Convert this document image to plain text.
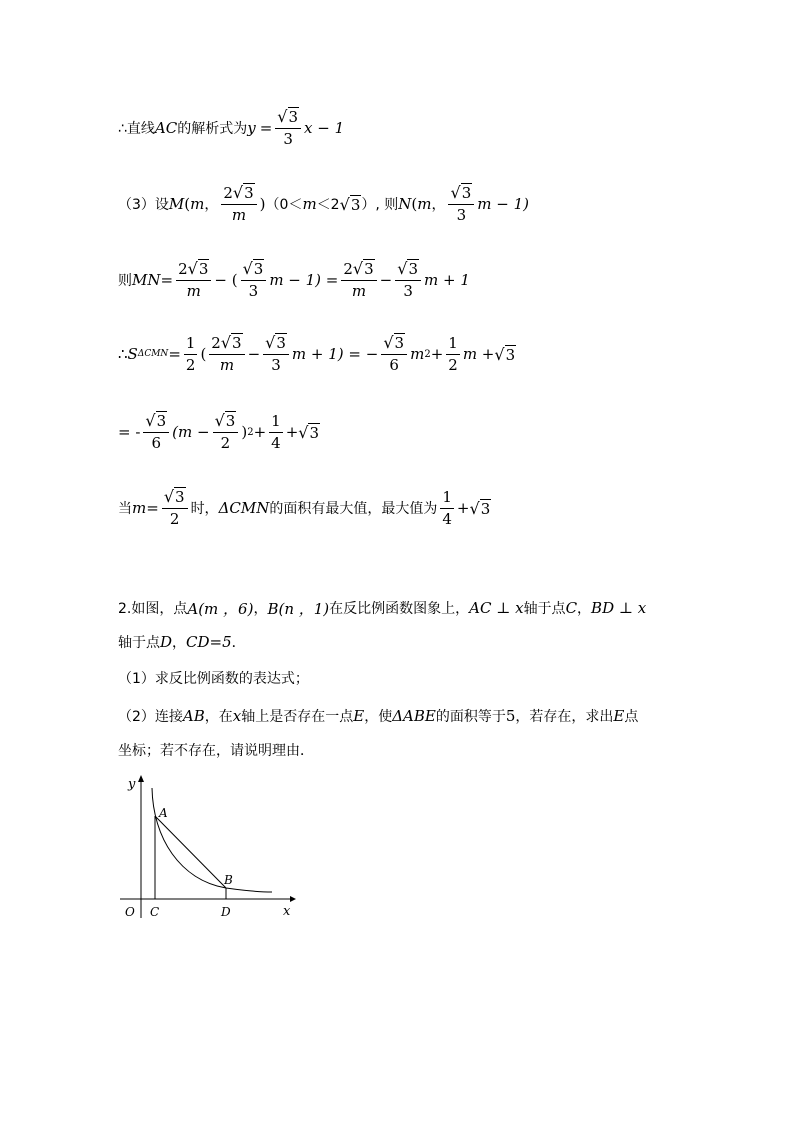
∴直线 AC 的解析式为 $y = \frac{√3}{3}$ x − 1
（3）设 M ( m ， $\frac{2√3}{m}$ ) （0＜ m ＜2 √3 ）, 则 N ( m ， $\frac{√3}{3}$ m − 1)
则 MN = $\frac{2√3}{m}$ − ( $\frac{√3}{3}$ $m - 1) = \frac{2√3}{m} - \frac{√3}{3}$ m + 1
∴ S $\Delta CMN = \frac{1}{2}$ ( $\frac{2√3}{m} - \frac{√3}{3}$ m + 1) = − $\frac{√3}{6}$ m $2 + \frac{1}{2}$ m + √3
= - $\frac{√3}{6} (m - \frac{√3}{2}$ ) $2 + \frac{1}{4} + √3$
当 $m = \frac{√3}{2}$ 时， ΔCMN 的面积有最大值，最大值为 $\frac{1}{4} + √3$
2.如图，点 A(m ，6) ， B(n ，1) 在反比例函数图象上， AC ⊥ x 轴于点 C ， BD ⊥ x
轴于点 D ， CD=5 ．
（1）求反比例函数的表达式；
（2）连接 AB ，在 x 轴上是否存在一点 E ，使 ΔABE 的面积等于 5 ，若存在，求出 E 点
坐标；若不存在，请说明理由．
y
x
O C	D
A
B
